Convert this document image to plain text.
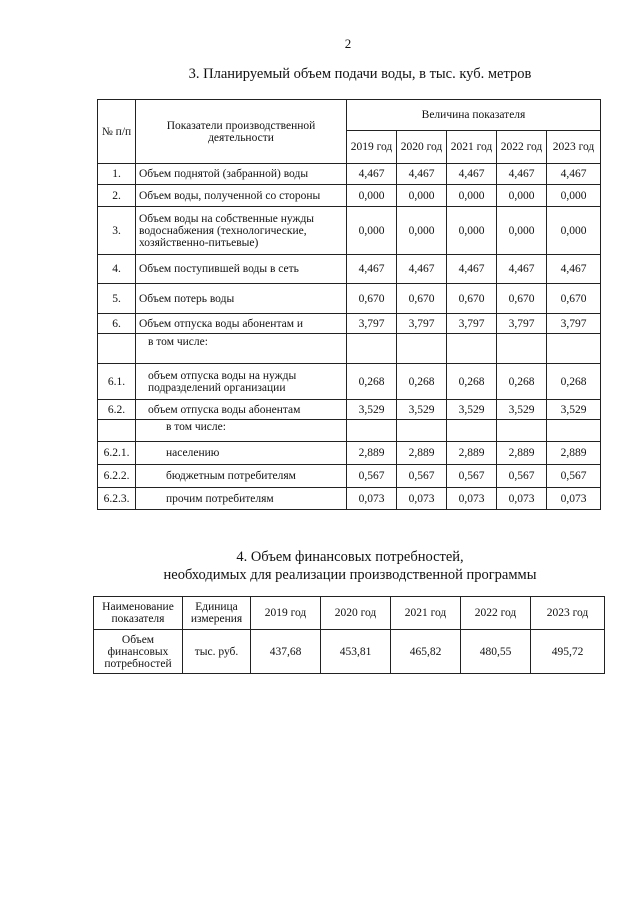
2
3. Планируемый объем подачи воды, в тыс. куб. метров
№ п/п	Показатели производственной деятельности	Величина показателя				
		2019 год	2020 год	2021 год	2022 год	2023 год
1.	Объем поднятой (забранной) воды	4,467	4,467	4,467	4,467	4,467
2.	Объем воды, полученной со стороны	0,000	0,000	0,000	0,000	0,000
3.	Объем воды на собственные нужды водоснабжения (технологические, хозяйственно-питьевые)	0,000	0,000	0,000	0,000	0,000
4.	Объем поступившей воды в сеть	4,467	4,467	4,467	4,467	4,467
5.	Объем потерь воды	0,670	0,670	0,670	0,670	0,670
6.	Объем отпуска воды абонентам и	3,797	3,797	3,797	3,797	3,797
	в том числе:					
6.1.	объем отпуска воды на нужды подразделений организации	0,268	0,268	0,268	0,268	0,268
6.2.	объем отпуска воды абонентам	3,529	3,529	3,529	3,529	3,529
	в том числе:					
6.2.1.	населению	2,889	2,889	2,889	2,889	2,889
6.2.2.	бюджетным потребителям	0,567	0,567	0,567	0,567	0,567
6.2.3.	прочим потребителям	0,073	0,073	0,073	0,073	0,073
4. Объем финансовых потребностей,
необходимых для реализации производственной программы
Наименование показателя	Единица измерения	2019 год	2020 год	2021 год	2022 год	2023 год
Объем финансовых потребностей	тыс. руб.	437,68	453,81	465,82	480,55	495,72
